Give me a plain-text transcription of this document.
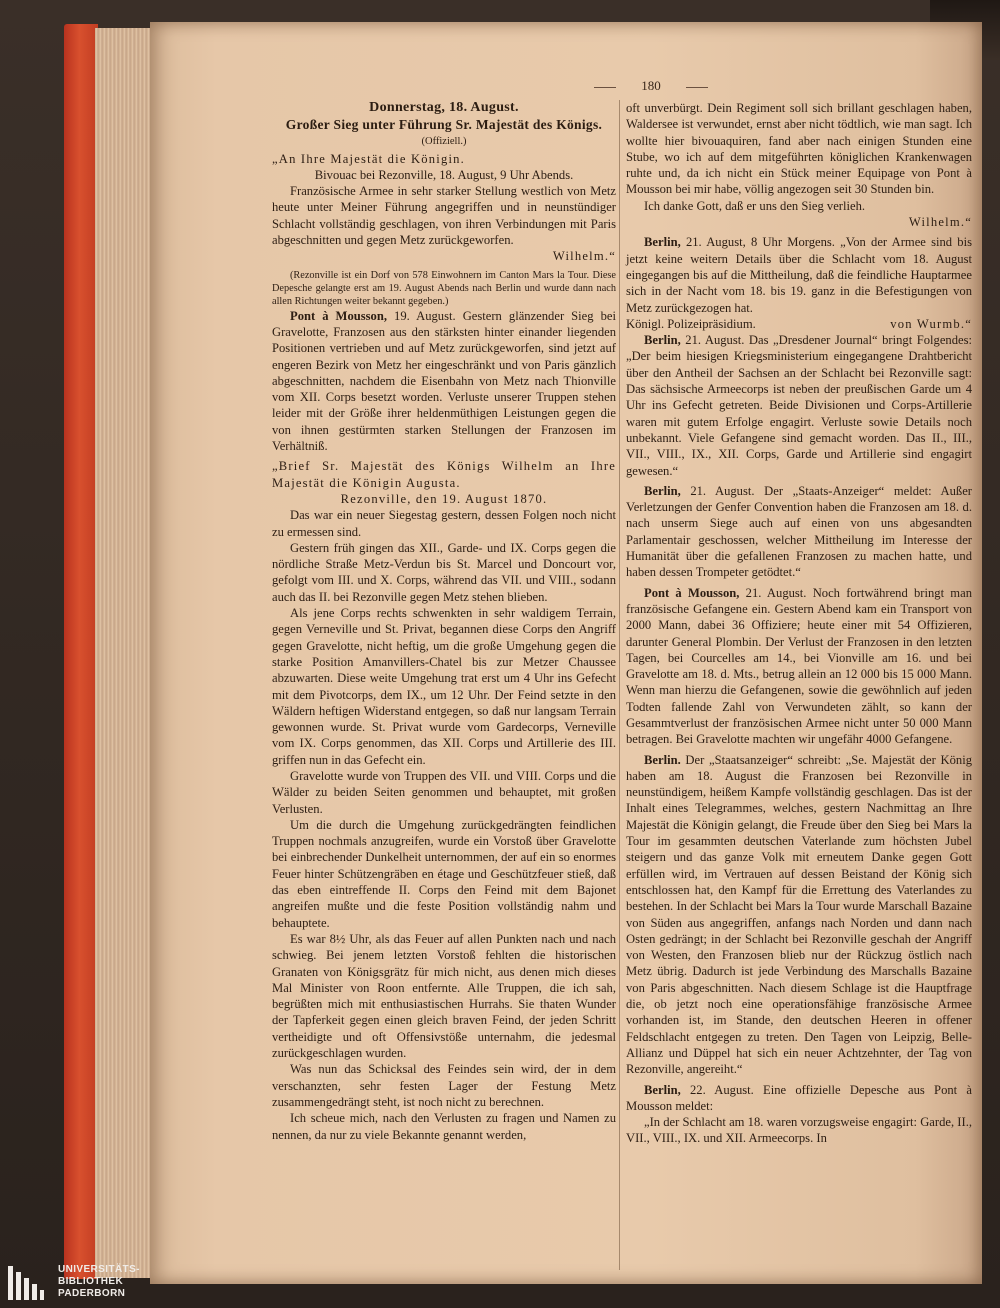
180

Donnerstag, 18. August.

Großer Sieg unter Führung Sr. Majestät des Königs.

(Offiziell.)

„An Ihre Majestät die Königin.

Bivouac bei Rezonville, 18. August, 9 Uhr Abends.

Französische Armee in sehr starker Stellung westlich von Metz heute unter Meiner Führung angegriffen und in neunstündiger Schlacht vollständig geschlagen, von ihren Verbindungen mit Paris abgeschnitten und gegen Metz zurückgeworfen.

Wilhelm.“

(Rezonville ist ein Dorf von 578 Einwohnern im Canton Mars la Tour. Diese Depesche gelangte erst am 19. August Abends nach Berlin und wurde dann nach allen Richtungen weiter bekannt gegeben.)

Pont à Mousson, 19. August. Gestern glänzender Sieg bei Gravelotte, Franzosen aus den stärksten hinter einander liegenden Positionen vertrieben und auf Metz zurückgeworfen, sind jetzt auf engeren Bezirk von Metz her eingeschränkt und von Paris gänzlich abgeschnitten, nachdem die Eisenbahn von Metz nach Thionville vom XII. Corps besetzt worden. Verluste unserer Truppen stehen leider mit der Größe ihrer heldenmüthigen Leistungen gegen die von ihnen gestürmten starken Stellungen der Franzosen im Verhältniß.

„Brief Sr. Majestät des Königs Wilhelm an Ihre Majestät die Königin Augusta.

Rezonville, den 19. August 1870.

Das war ein neuer Siegestag gestern, dessen Folgen noch nicht zu ermessen sind.

Gestern früh gingen das XII., Garde- und IX. Corps gegen die nördliche Straße Metz-Verdun bis St. Marcel und Doncourt vor, gefolgt vom III. und X. Corps, während das VII. und VIII., sodann auch das II. bei Rezonville gegen Metz stehen blieben.

Als jene Corps rechts schwenkten in sehr waldigem Terrain, gegen Verneville und St. Privat, begannen diese Corps den Angriff gegen Gravelotte, nicht heftig, um die große Umgehung gegen die starke Position Amanvillers-Chatel bis zur Metzer Chaussee abzuwarten. Diese weite Umgehung trat erst um 4 Uhr ins Gefecht mit dem Pivotcorps, dem IX., um 12 Uhr. Der Feind setzte in den Wäldern heftigen Widerstand entgegen, so daß nur langsam Terrain gewonnen wurde. St. Privat wurde vom Gardecorps, Verneville vom IX. Corps genommen, das XII. Corps und Artillerie des III. griffen nun in das Gefecht ein.

Gravelotte wurde von Truppen des VII. und VIII. Corps und die Wälder zu beiden Seiten genommen und behauptet, mit großen Verlusten.

Um die durch die Umgehung zurückgedrängten feindlichen Truppen nochmals anzugreifen, wurde ein Vorstoß über Gravelotte bei einbrechender Dunkelheit unternommen, der auf ein so enormes Feuer hinter Schützengräben en étage und Geschützfeuer stieß, daß das eben eintreffende II. Corps den Feind mit dem Bajonet angreifen mußte und die feste Position vollständig nahm und behauptete.

Es war 8½ Uhr, als das Feuer auf allen Punkten nach und nach schwieg. Bei jenem letzten Vorstoß fehlten die historischen Granaten von Königsgrätz für mich nicht, aus denen mich dieses Mal Minister von Roon entfernte. Alle Truppen, die ich sah, begrüßten mich mit enthusiastischen Hurrahs. Sie thaten Wunder der Tapferkeit gegen einen gleich braven Feind, der jeden Schritt vertheidigte und oft Offensivstöße unternahm, die jedesmal zurückgeschlagen wurden.

Was nun das Schicksal des Feindes sein wird, der in dem verschanzten, sehr festen Lager der Festung Metz zusammengedrängt steht, ist noch nicht zu berechnen.

Ich scheue mich, nach den Verlusten zu fragen und Namen zu nennen, da nur zu viele Bekannte genannt werden,

oft unverbürgt. Dein Regiment soll sich brillant geschlagen haben, Waldersee ist verwundet, ernst aber nicht tödtlich, wie man sagt. Ich wollte hier bivouaquiren, fand aber nach einigen Stunden eine Stube, wo ich auf dem mitgeführten königlichen Krankenwagen ruhte und, da ich nicht ein Stück meiner Equipage von Pont à Mousson bei mir habe, völlig angezogen seit 30 Stunden bin.

Ich danke Gott, daß er uns den Sieg verlieh.

Wilhelm.“

Berlin, 21. August, 8 Uhr Morgens. „Von der Armee sind bis jetzt keine weitern Details über die Schlacht vom 18. August eingegangen bis auf die Mittheilung, daß die feindliche Hauptarmee sich in der Nacht vom 18. bis 19. ganz in die Befestigungen von Metz zurückgezogen hat.

Königl. Polizeipräsidium.	von Wurmb.“

Berlin, 21. August. Das „Dresdener Journal“ bringt Folgendes: „Der beim hiesigen Kriegsministerium eingegangene Drahtbericht über den Antheil der Sachsen an der Schlacht bei Rezonville sagt: Das sächsische Armeecorps ist neben der preußischen Garde um 4 Uhr ins Gefecht getreten. Beide Divisionen und Corps-Artillerie waren mit gutem Erfolge engagirt. Verluste sowie Details noch unbekannt. Viele Gefangene sind gemacht worden. Das II., III., VII., VIII., IX., XII. Corps, Garde und Artillerie sind engagirt gewesen.“

Berlin, 21. August. Der „Staats-Anzeiger“ meldet: Außer Verletzungen der Genfer Convention haben die Franzosen am 18. d. nach unserm Siege auch auf einen von uns abgesandten Parlamentair geschossen, welcher Mittheilung im Interesse der Humanität über die gefallenen Franzosen zu machen hatte, und haben dessen Trompeter getödtet.“

Pont à Mousson, 21. August. Noch fortwährend bringt man französische Gefangene ein. Gestern Abend kam ein Transport von 2000 Mann, dabei 36 Offiziere; heute einer mit 54 Offizieren, darunter General Plombin. Der Verlust der Franzosen in den letzten Tagen, bei Courcelles am 14., bei Vionville am 16. und bei Gravelotte am 18. d. Mts., betrug allein an 12 000 bis 15 000 Mann. Wenn man hierzu die Gefangenen, sowie die gewöhnlich auf jeden Todten fallende Zahl von Verwundeten zählt, so kann der Gesammtverlust der französischen Armee nicht unter 50 000 Mann betragen. Bei Gravelotte machten wir ungefähr 4000 Gefangene.

Berlin. Der „Staatsanzeiger“ schreibt: „Se. Majestät der König haben am 18. August die Franzosen bei Rezonville in neunstündigem, heißem Kampfe vollständig geschlagen. Das ist der Inhalt eines Telegrammes, welches, gestern Nachmittag an Ihre Majestät die Königin gelangt, die Freude über den Sieg bei Mars la Tour im gesammten deutschen Vaterlande zum höchsten Jubel steigern und das ganze Volk mit erneutem Danke gegen Gott erfüllen wird, im Vertrauen auf dessen Beistand der König sich entschlossen hat, den Kampf für die Errettung des Vaterlandes zu bestehen. In der Schlacht bei Mars la Tour wurde Marschall Bazaine von Süden aus angegriffen, anfangs nach Norden und dann nach Osten gedrängt; in der Schlacht bei Rezonville geschah der Angriff von Westen, den Franzosen blieb nur der Rückzug östlich nach Metz übrig. Dadurch ist jede Verbindung des Marschalls Bazaine von Paris abgeschnitten. Nach diesem Schlage ist die Hauptfrage die, ob jetzt noch eine operationsfähige französische Armee vorhanden ist, im Stande, den deutschen Heeren in offener Feldschlacht entgegen zu treten. Den Tagen von Leipzig, Belle-Allianz und Düppel hat sich ein neuer Achtzehnter, der Tag von Rezonville, angereiht.“

Berlin, 22. August. Eine offizielle Depesche aus Pont à Mousson meldet:

„In der Schlacht am 18. waren vorzugsweise engagirt: Garde, II., VII., VIII., IX. und XII. Armeecorps. In

UNIVERSITÄTS-
BIBLIOTHEK
PADERBORN
